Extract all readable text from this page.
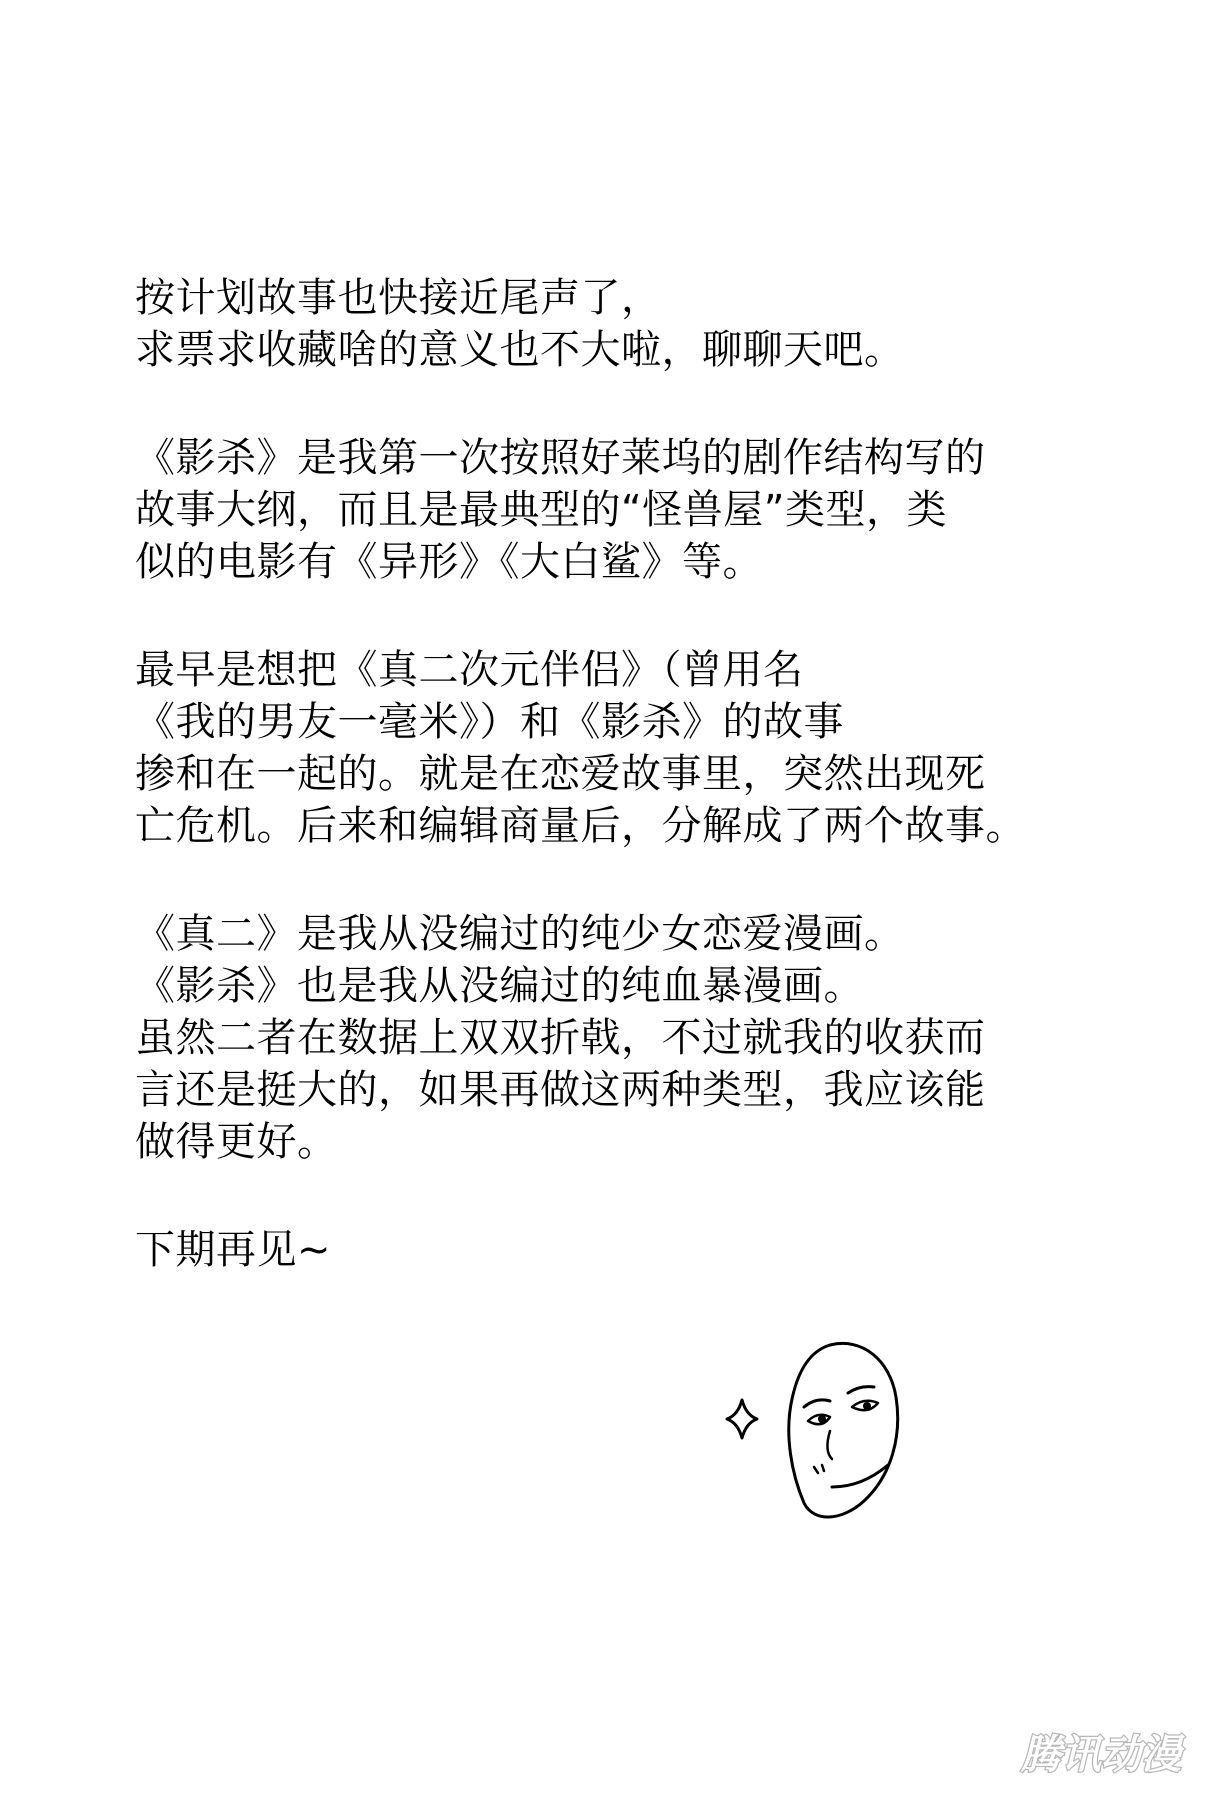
按计划故事也快接近尾声了，
求票求收藏啥的意义也不大啦，聊聊天吧。
《影杀》是我第一次按照好莱坞的剧作结构写的
故事大纲，而且是最典型的“怪兽屋”类型，类
似的电影有《异形》《大白鲨》等。
最早是想把《真二次元伴侣》（曾用名
《我的男友一毫米》）和《影杀》的故事
掺和在一起的。就是在恋爱故事里，突然出现死
亡危机。后来和编辑商量后，分解成了两个故事。
《真二》是我从没编过的纯少女恋爱漫画。
《影杀》也是我从没编过的纯血暴漫画。
虽然二者在数据上双双折戟，不过就我的收获而
言还是挺大的，如果再做这两种类型，我应该能
做得更好。
下期再见~
腾讯动漫
